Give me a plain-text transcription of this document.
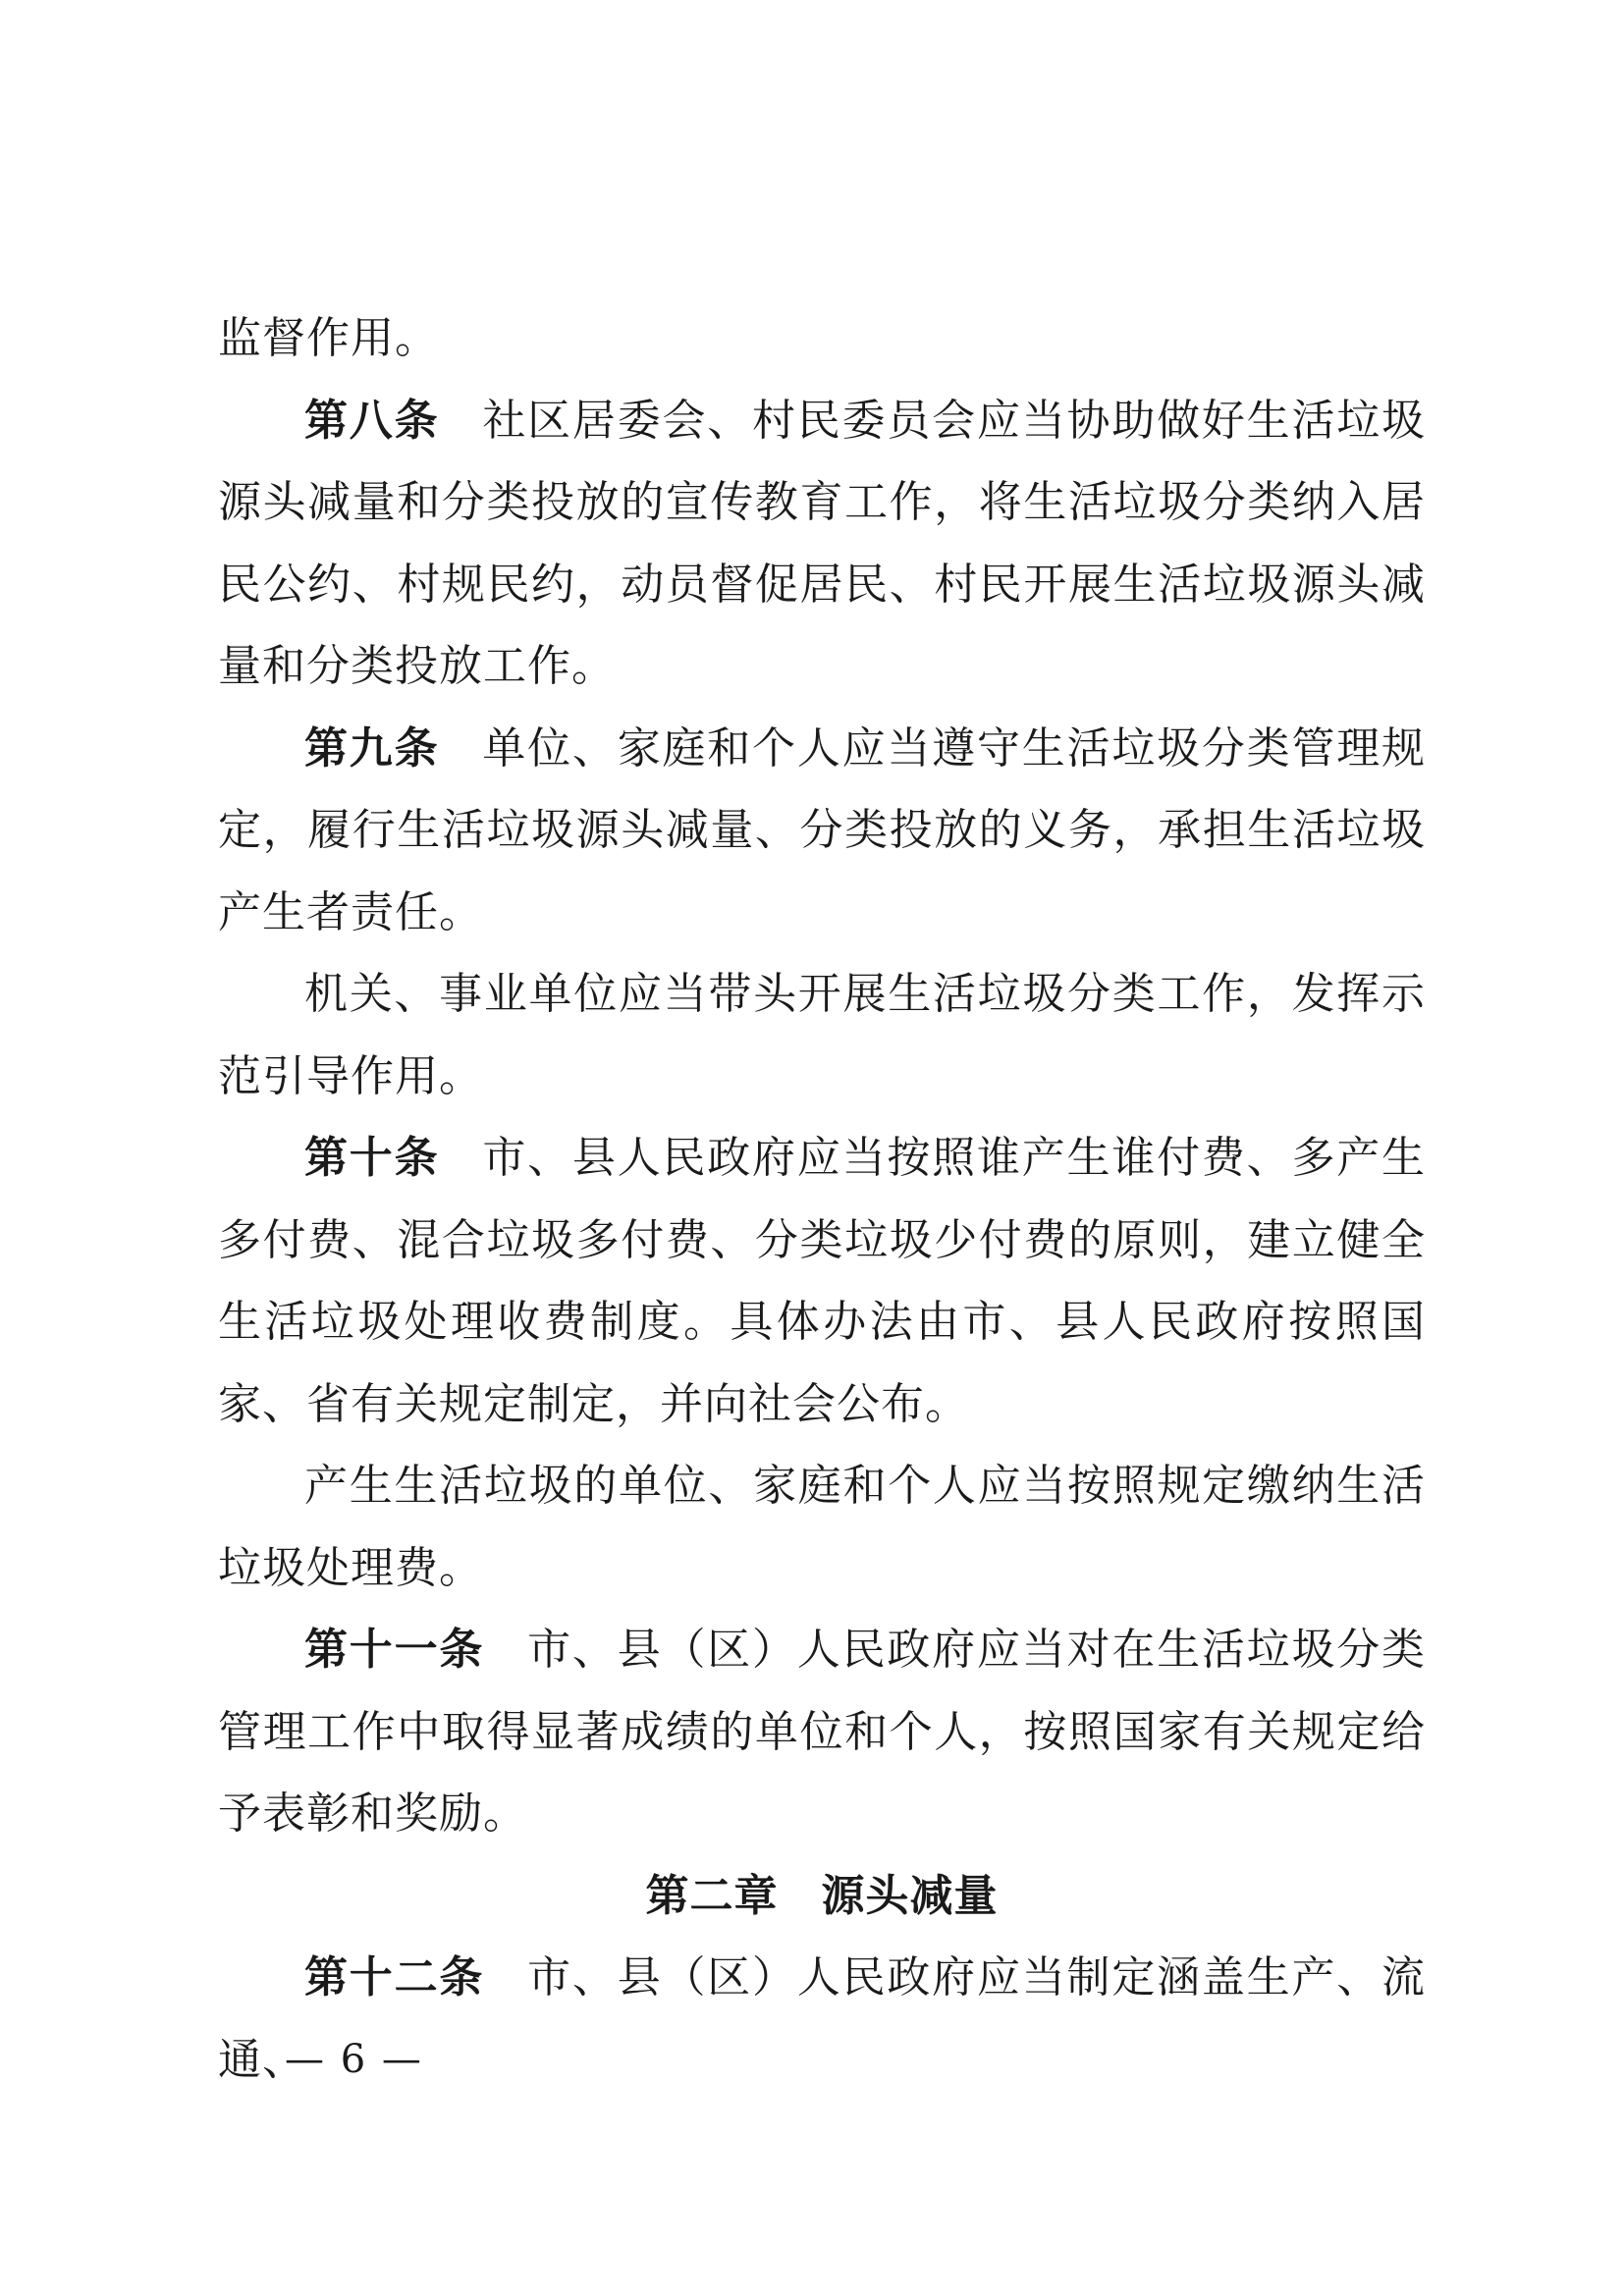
监督作用。

第八条 社区居委会、村民委员会应当协助做好生活垃圾源头减量和分类投放的宣传教育工作，将生活垃圾分类纳入居民公约、村规民约，动员督促居民、村民开展生活垃圾源头减量和分类投放工作。

第九条 单位、家庭和个人应当遵守生活垃圾分类管理规定，履行生活垃圾源头减量、分类投放的义务，承担生活垃圾产生者责任。

机关、事业单位应当带头开展生活垃圾分类工作，发挥示范引导作用。

第十条 市、县人民政府应当按照谁产生谁付费、多产生多付费、混合垃圾多付费、分类垃圾少付费的原则，建立健全生活垃圾处理收费制度。具体办法由市、县人民政府按照国家、省有关规定制定，并向社会公布。

产生生活垃圾的单位、家庭和个人应当按照规定缴纳生活垃圾处理费。

第十一条 市、县（区）人民政府应当对在生活垃圾分类管理工作中取得显著成绩的单位和个人，按照国家有关规定给予表彰和奖励。

第二章 源头减量

第十二条 市、县（区）人民政府应当制定涵盖生产、流通、

— 6 —
